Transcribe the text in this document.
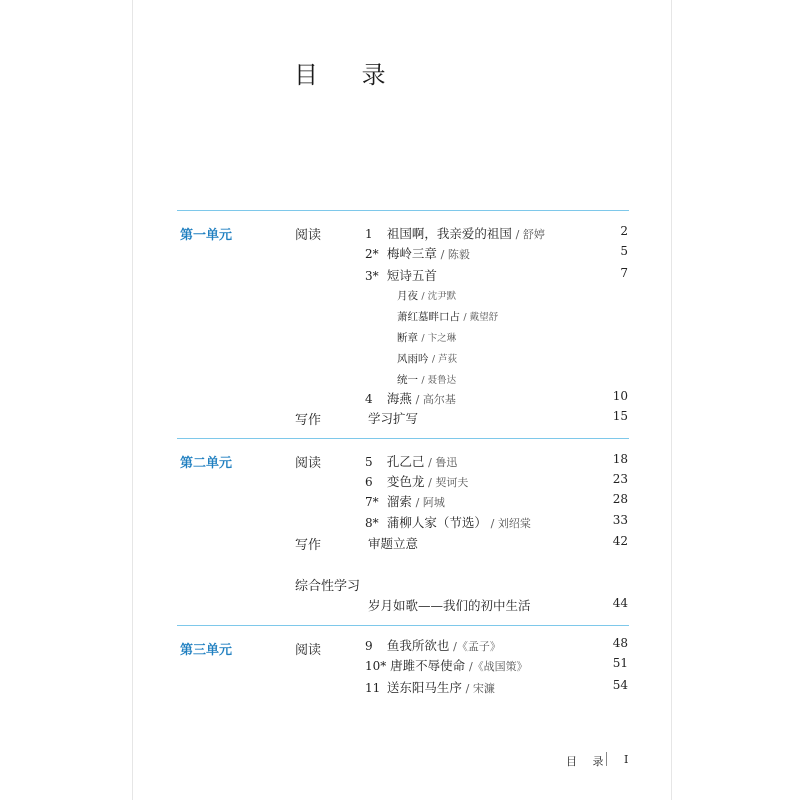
目 录
第一单元	阅读	1 祖国啊，我亲爱的祖国 / 舒婷	2
2* 梅岭三章 / 陈毅	5
3* 短诗五首	7
月夜 / 沈尹默
萧红墓畔口占 / 戴望舒
断章 / 卞之琳
风雨吟 / 芦荻
统一 / 聂鲁达
4 海燕 / 高尔基	10
写作	学习扩写	15
第二单元	阅读	5 孔乙己 / 鲁迅	18
6 变色龙 / 契诃夫	23
7* 溜索 / 阿城	28
8* 蒲柳人家（节选） / 刘绍棠	33
写作	审题立意	42
综合性学习
岁月如歌——我们的初中生活	44
第三单元	阅读	9 鱼我所欲也 /《孟子》	48
10* 唐雎不辱使命 /《战国策》	51
11 送东阳马生序 / 宋濂	54
目 录 I
